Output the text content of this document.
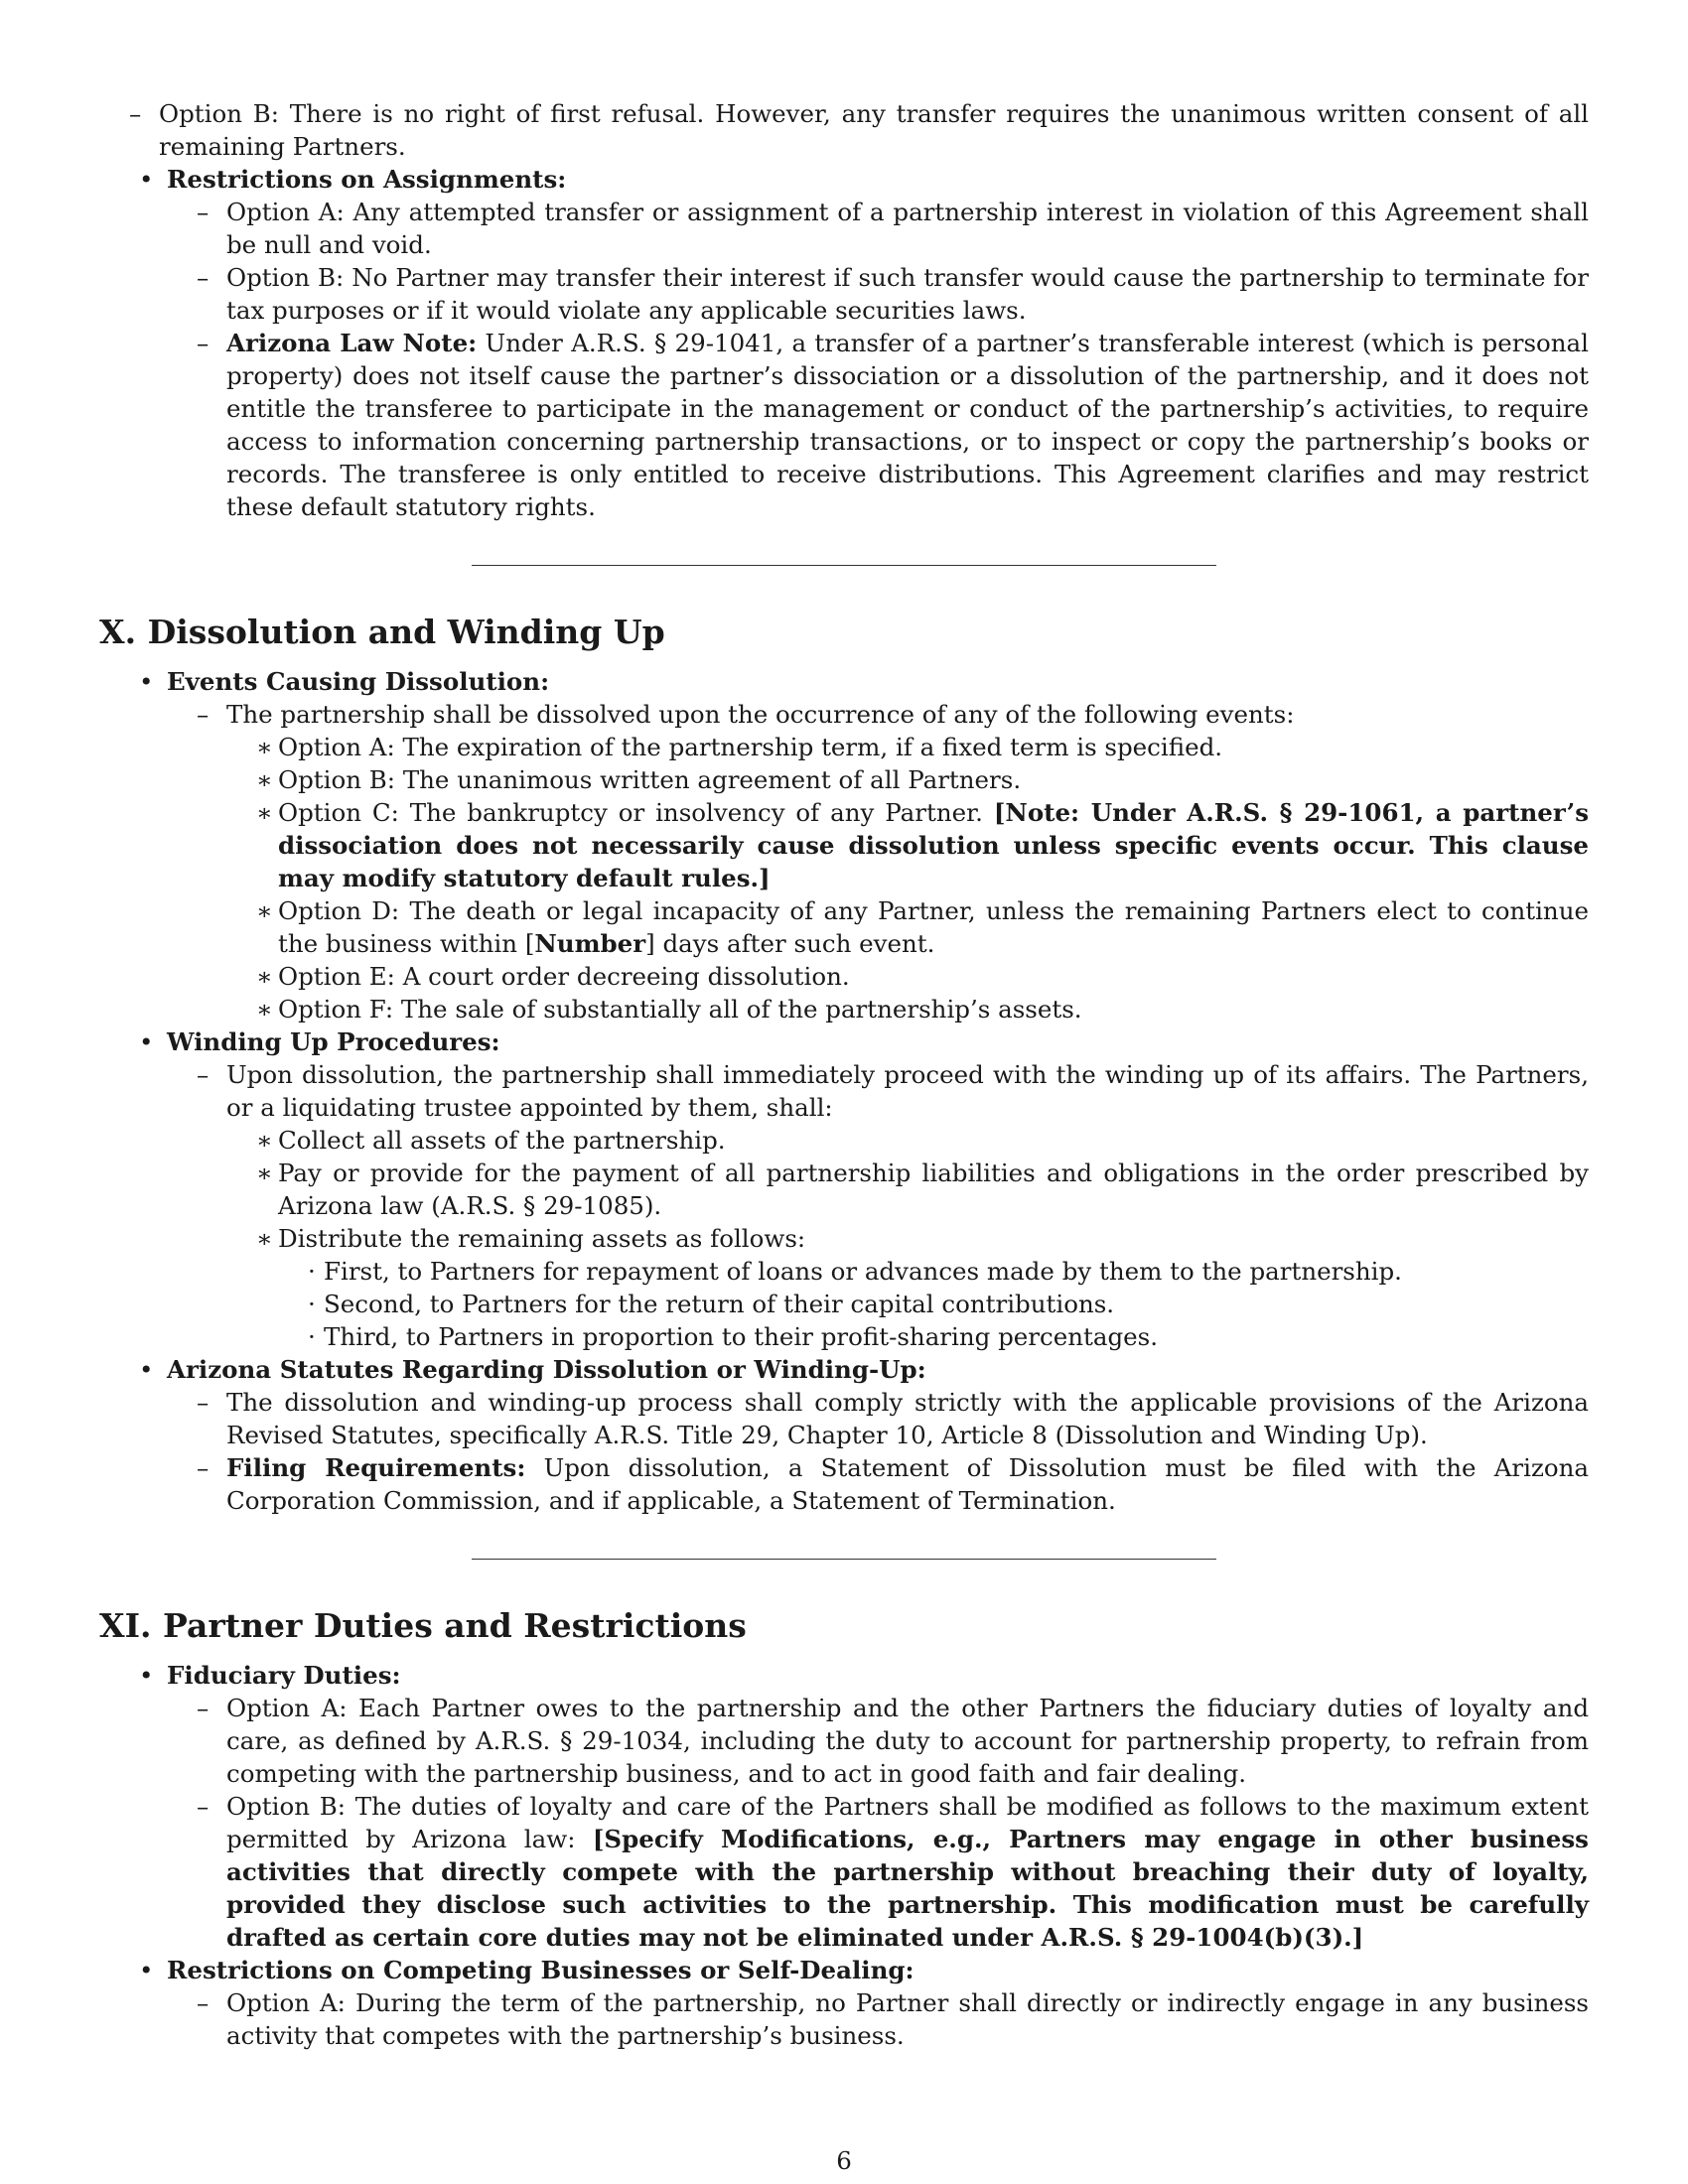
– Option B: There is no right of first refusal. However, any transfer requires the unanimous written consent of all remaining Partners.
• Restrictions on Assignments:
– Option A: Any attempted transfer or assignment of a partnership interest in violation of this Agreement shall be null and void.
– Option B: No Partner may transfer their interest if such transfer would cause the partnership to terminate for tax purposes or if it would violate any applicable securities laws.
– Arizona Law Note: Under A.R.S. § 29-1041, a transfer of a partner’s transferable interest (which is personal property) does not itself cause the partner’s dissociation or a dissolution of the partnership, and it does not entitle the transferee to participate in the management or conduct of the partnership’s activities, to require access to information concerning partnership transactions, or to inspect or copy the partnership’s books or records. The transferee is only entitled to receive distributions. This Agreement clarifies and may restrict these default statutory rights.
X. Dissolution and Winding Up
• Events Causing Dissolution:
– The partnership shall be dissolved upon the occurrence of any of the following events:
∗ Option A: The expiration of the partnership term, if a fixed term is specified.
∗ Option B: The unanimous written agreement of all Partners.
∗ Option C: The bankruptcy or insolvency of any Partner. [Note: Under A.R.S. § 29-1061, a partner’s dissociation does not necessarily cause dissolution unless specific events occur. This clause may modify statutory default rules.]
∗ Option D: The death or legal incapacity of any Partner, unless the remaining Partners elect to continue the business within [Number] days after such event.
∗ Option E: A court order decreeing dissolution.
∗ Option F: The sale of substantially all of the partnership’s assets.
• Winding Up Procedures:
– Upon dissolution, the partnership shall immediately proceed with the winding up of its affairs. The Partners, or a liquidating trustee appointed by them, shall:
∗ Collect all assets of the partnership.
∗ Pay or provide for the payment of all partnership liabilities and obligations in the order prescribed by Arizona law (A.R.S. § 29-1085).
∗ Distribute the remaining assets as follows:
· First, to Partners for repayment of loans or advances made by them to the partnership.
· Second, to Partners for the return of their capital contributions.
· Third, to Partners in proportion to their profit-sharing percentages.
• Arizona Statutes Regarding Dissolution or Winding-Up:
– The dissolution and winding-up process shall comply strictly with the applicable provisions of the Arizona Revised Statutes, specifically A.R.S. Title 29, Chapter 10, Article 8 (Dissolution and Winding Up).
– Filing Requirements: Upon dissolution, a Statement of Dissolution must be filed with the Arizona Corporation Commission, and if applicable, a Statement of Termination.
XI. Partner Duties and Restrictions
• Fiduciary Duties:
– Option A: Each Partner owes to the partnership and the other Partners the fiduciary duties of loyalty and care, as defined by A.R.S. § 29-1034, including the duty to account for partnership property, to refrain from competing with the partnership business, and to act in good faith and fair dealing.
– Option B: The duties of loyalty and care of the Partners shall be modified as follows to the maximum extent permitted by Arizona law: [Specify Modifications, e.g., Partners may engage in other business activities that directly compete with the partnership without breaching their duty of loyalty, provided they disclose such activities to the partnership. This modification must be carefully drafted as certain core duties may not be eliminated under A.R.S. § 29-1004(b)(3).]
• Restrictions on Competing Businesses or Self-Dealing:
– Option A: During the term of the partnership, no Partner shall directly or indirectly engage in any business activity that competes with the partnership’s business.
6
